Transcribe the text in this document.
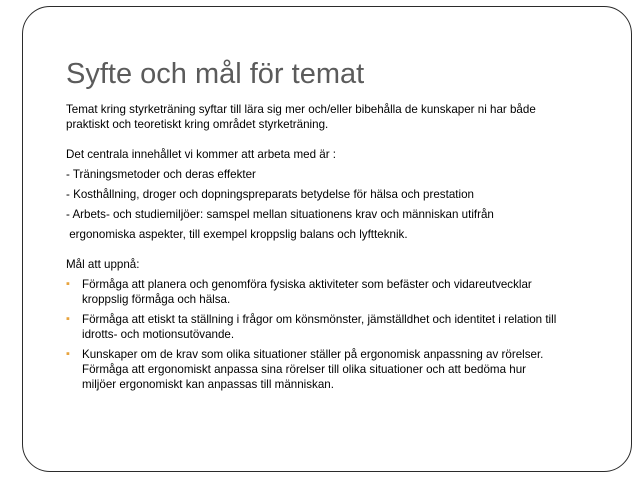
Syfte och mål för temat

Temat kring styrketräning syftar till lära sig mer och/eller bibehålla de kunskaper ni har både

praktiskt och teoretiskt kring området styrketräning.

Det centrala innehållet vi kommer att arbeta med är :

- Träningsmetoder och deras effekter

- Kosthållning, droger och dopningspreparats betydelse för hälsa och prestation

- Arbets- och studiemiljöer: samspel mellan situationens krav och människan utifrån

ergonomiska aspekter, till exempel kroppslig balans och lyftteknik.

Mål att uppnå:

▪ Förmåga att planera och genomföra fysiska aktiviteter som befäster och vidareutvecklar
kroppslig förmåga och hälsa.
▪ Förmåga att etiskt ta ställning i frågor om könsmönster, jämställdhet och identitet i relation till
idrotts- och motionsutövande.
▪ Kunskaper om de krav som olika situationer ställer på ergonomisk anpassning av rörelser.
Förmåga att ergonomiskt anpassa sina rörelser till olika situationer och att bedöma hur
miljöer ergonomiskt kan anpassas till människan.
